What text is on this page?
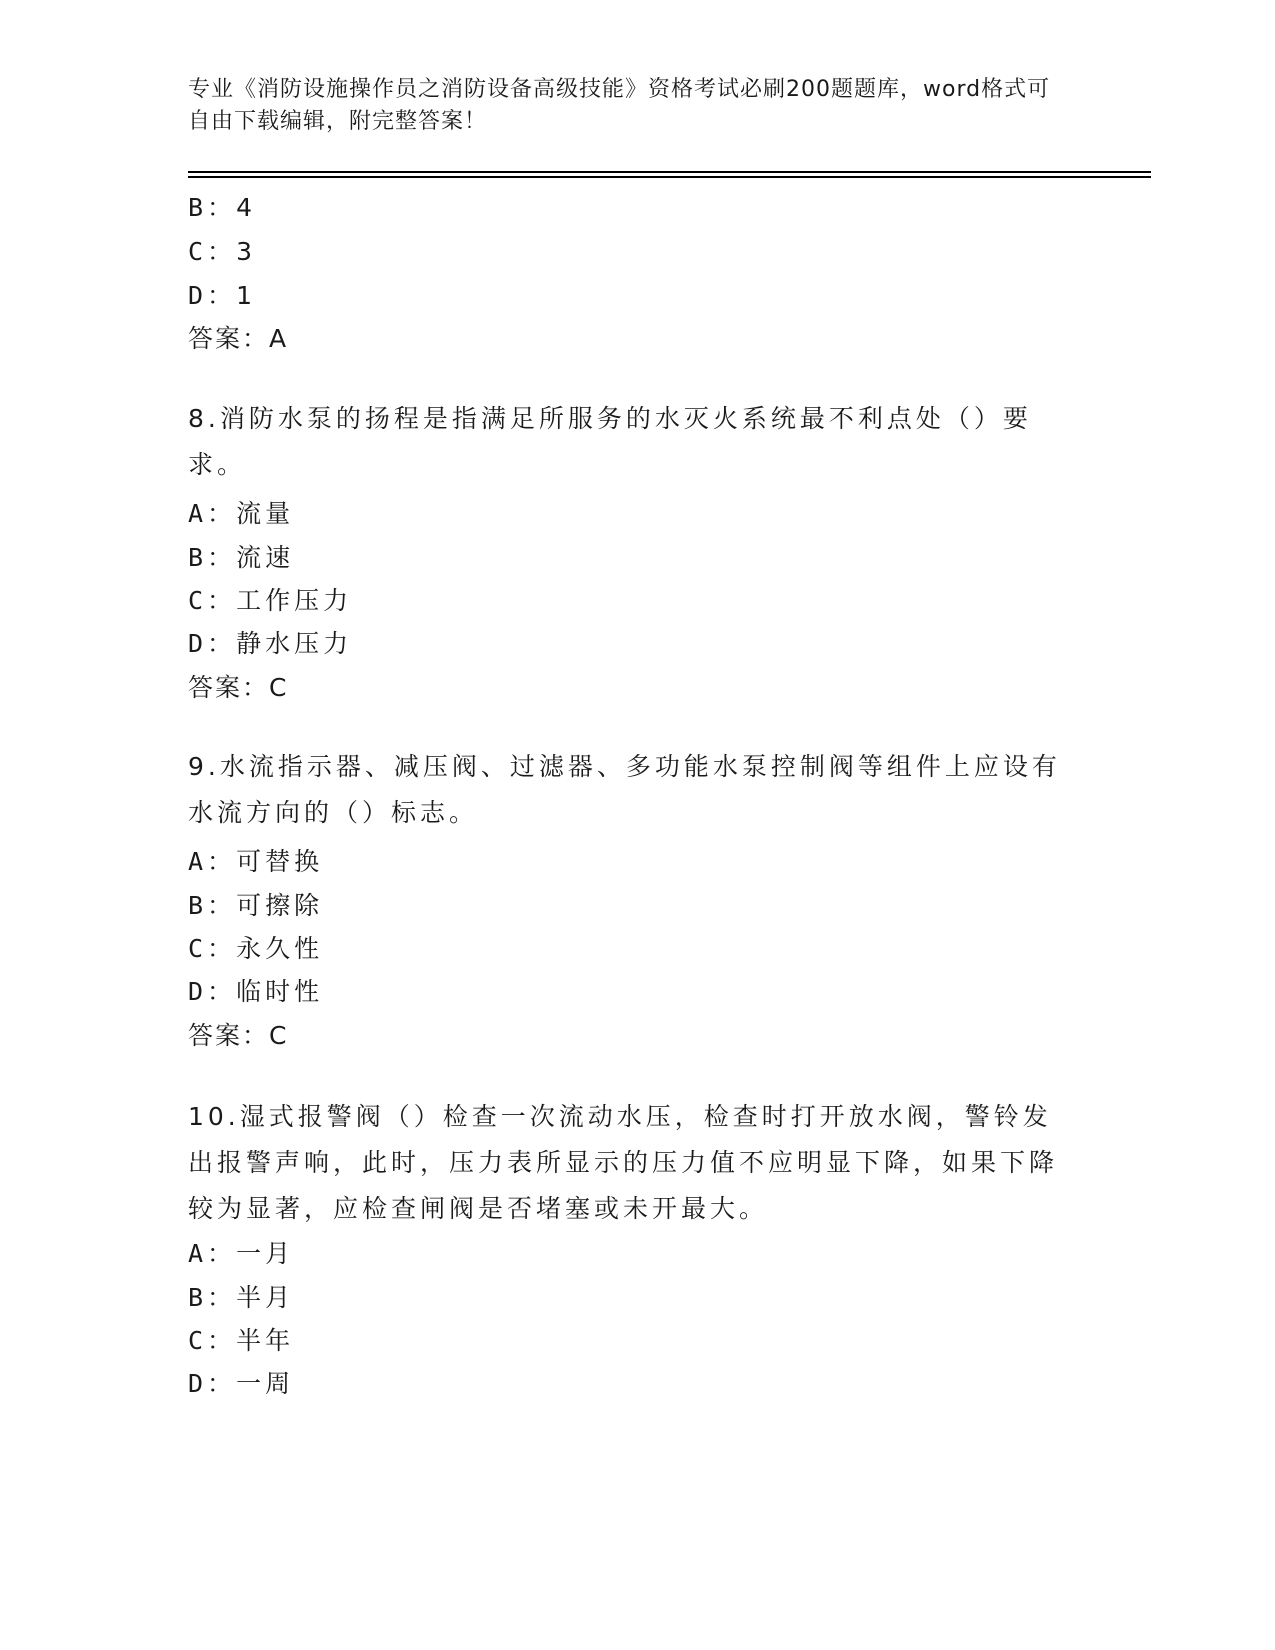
专业《消防设施操作员之消防设备高级技能》资格考试必刷200题题库，word格式可自由下载编辑，附完整答案！
B：4
C：3
D：1
答案：A
8.消防水泵的扬程是指满足所服务的水灭火系统最不利点处（）要求。
A：流量
B：流速
C：工作压力
D：静水压力
答案：C
9.水流指示器、减压阀、过滤器、多功能水泵控制阀等组件上应设有水流方向的（）标志。
A：可替换
B：可擦除
C：永久性
D：临时性
答案：C
10.湿式报警阀（）检查一次流动水压，检查时打开放水阀，警铃发出报警声响，此时，压力表所显示的压力值不应明显下降，如果下降较为显著，应检查闸阀是否堵塞或未开最大。
A：一月
B：半月
C：半年
D：一周
